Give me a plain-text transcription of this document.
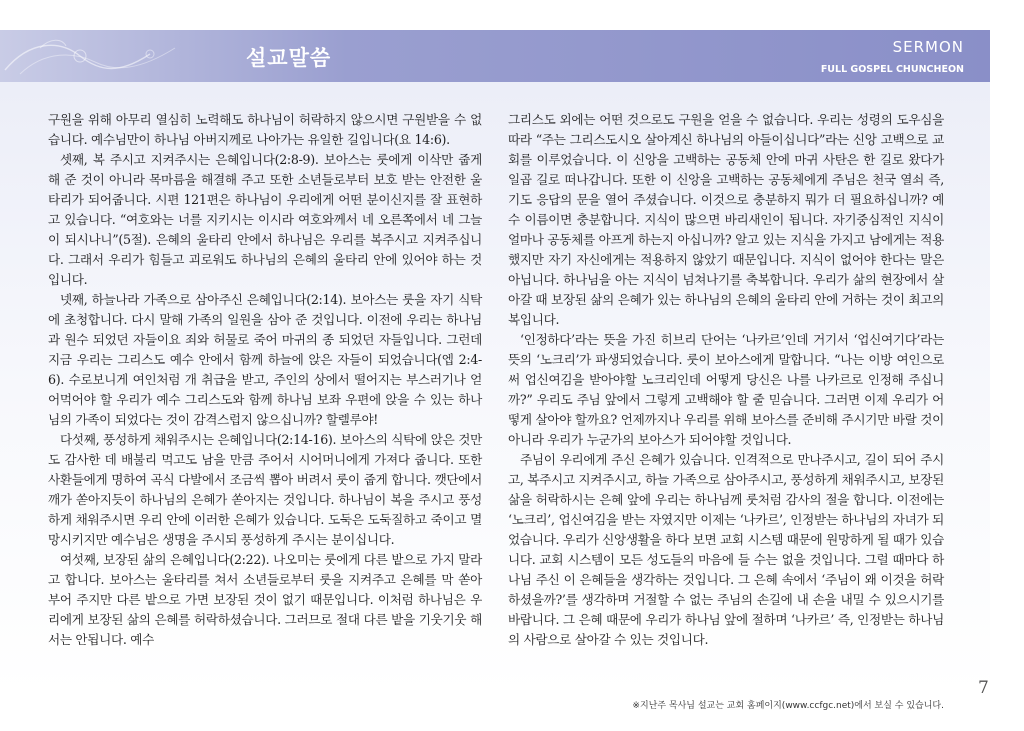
설교말씀	SERMON
FULL GOSPEL CHUNCHEON

구원을 위해 아무리 열심히 노력해도 하나님이 허락하지 않으시면 구원받을 수 없습니다. 예수님만이 하나님 아버지께로 나아가는 유일한 길입니다(요 14:6).

셋째, 복 주시고 지켜주시는 은혜입니다(2:8-9). 보아스는 룻에게 이삭만 줍게 해 준 것이 아니라 목마름을 해결해 주고 또한 소년들로부터 보호 받는 안전한 울타리가 되어줍니다. 시편 121편은 하나님이 우리에게 어떤 분이신지를 잘 표현하고 있습니다. “여호와는 너를 지키시는 이시라 여호와께서 네 오른쪽에서 네 그늘이 되시나니”(5절). 은혜의 울타리 안에서 하나님은 우리를 복주시고 지켜주십니다. 그래서 우리가 힘들고 괴로워도 하나님의 은혜의 울타리 안에 있어야 하는 것입니다.

넷째, 하늘나라 가족으로 삼아주신 은혜입니다(2:14). 보아스는 룻을 자기 식탁에 초청합니다. 다시 말해 가족의 일원을 삼아 준 것입니다. 이전에 우리는 하나님과 원수 되었던 자들이요 죄와 허물로 죽어 마귀의 종 되었던 자들입니다. 그런데 지금 우리는 그리스도 예수 안에서 함께 하늘에 앉은 자들이 되었습니다(엡 2:4-6). 수로보니게 여인처럼 개 취급을 받고, 주인의 상에서 떨어지는 부스러기나 얻어먹어야 할 우리가 예수 그리스도와 함께 하나님 보좌 우편에 앉을 수 있는 하나님의 가족이 되었다는 것이 감격스럽지 않으십니까? 할렐루야!

다섯째, 풍성하게 채워주시는 은혜입니다(2:14-16). 보아스의 식탁에 앉은 것만도 감사한 데 배불리 먹고도 남을 만큼 주어서 시어머니에게 가져다 줍니다. 또한 사환들에게 명하여 곡식 다발에서 조금씩 뽑아 버려서 룻이 줍게 합니다. 깻단에서 깨가 쏟아지듯이 하나님의 은혜가 쏟아지는 것입니다. 하나님이 복을 주시고 풍성하게 채워주시면 우리 안에 이러한 은혜가 있습니다. 도둑은 도둑질하고 죽이고 멸망시키지만 예수님은 생명을 주시되 풍성하게 주시는 분이십니다.

여섯째, 보장된 삶의 은혜입니다(2:22). 나오미는 룻에게 다른 밭으로 가지 말라고 합니다. 보아스는 울타리를 쳐서 소년들로부터 룻을 지켜주고 은혜를 막 쏟아 부어 주지만 다른 밭으로 가면 보장된 것이 없기 때문입니다. 이처럼 하나님은 우리에게 보장된 삶의 은혜를 허락하셨습니다. 그러므로 절대 다른 밭을 기웃기웃 해서는 안됩니다. 예수

그리스도 외에는 어떤 것으로도 구원을 얻을 수 없습니다. 우리는 성령의 도우심을 따라 “주는 그리스도시오 살아계신 하나님의 아들이십니다”라는 신앙 고백으로 교회를 이루었습니다. 이 신앙을 고백하는 공동체 안에 마귀 사탄은 한 길로 왔다가 일곱 길로 떠나갑니다. 또한 이 신앙을 고백하는 공동체에게 주님은 천국 열쇠 즉, 기도 응답의 문을 열어 주셨습니다. 이것으로 충분하지 뭐가 더 필요하십니까? 예수 이름이면 충분합니다. 지식이 많으면 바리새인이 됩니다. 자기중심적인 지식이 얼마나 공동체를 아프게 하는지 아십니까? 알고 있는 지식을 가지고 남에게는 적용했지만 자기 자신에게는 적용하지 않았기 때문입니다. 지식이 없어야 한다는 말은 아닙니다. 하나님을 아는 지식이 넘쳐나기를 축복합니다. 우리가 삶의 현장에서 살아갈 때 보장된 삶의 은혜가 있는 하나님의 은혜의 울타리 안에 거하는 것이 최고의 복입니다.

‘인정하다’라는 뜻을 가진 히브리 단어는 ‘나카르’인데 거기서 ‘업신여기다’라는 뜻의 ‘노크리’가 파생되었습니다. 룻이 보아스에게 말합니다. “나는 이방 여인으로써 업신여김을 받아야할 노크리인데 어떻게 당신은 나를 나카르로 인정해 주십니까?” 우리도 주님 앞에서 그렇게 고백해야 할 줄 믿습니다. 그러면 이제 우리가 어떻게 살아야 할까요? 언제까지나 우리를 위해 보아스를 준비해 주시기만 바랄 것이 아니라 우리가 누군가의 보아스가 되어야할 것입니다.

주님이 우리에게 주신 은혜가 있습니다. 인격적으로 만나주시고, 길이 되어 주시고, 복주시고 지켜주시고, 하늘 가족으로 삼아주시고, 풍성하게 채워주시고, 보장된 삶을 허락하시는 은혜 앞에 우리는 하나님께 룻처럼 감사의 절을 합니다. 이전에는 ‘노크리’, 업신여김을 받는 자였지만 이제는 ‘나카르’, 인정받는 하나님의 자녀가 되었습니다. 우리가 신앙생활을 하다 보면 교회 시스템 때문에 원망하게 될 때가 있습니다. 교회 시스템이 모든 성도들의 마음에 들 수는 없을 것입니다. 그럴 때마다 하나님 주신 이 은혜들을 생각하는 것입니다. 그 은혜 속에서 ‘주님이 왜 이것을 허락하셨을까?’를 생각하며 거절할 수 없는 주님의 손길에 내 손을 내밀 수 있으시기를 바랍니다. 그 은혜 때문에 우리가 하나님 앞에 절하며 ‘나카르’ 즉, 인정받는 하나님의 사람으로 살아갈 수 있는 것입니다.

7
※지난주 목사님 설교는 교회 홈페이지(www.ccfgc.net)에서 보실 수 있습니다.
